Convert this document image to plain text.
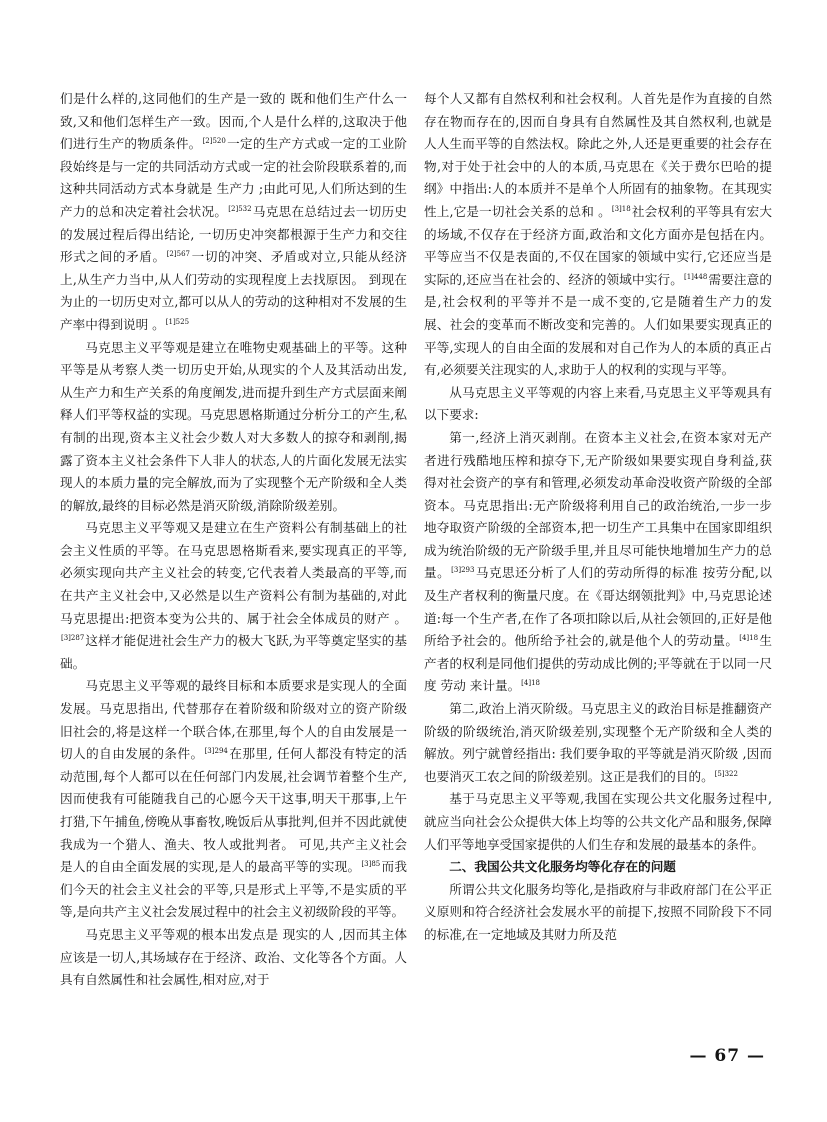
们是什么样的,这同他们的生产是一致的 既和他们生产什么一致,又和他们怎样生产一致。因而,个人是什么样的,这取决于他们进行生产的物质条件。$^{[2]520}$一定的生产方式或一定的工业阶段始终是与一定的共同活动方式或一定的社会阶段联系着的,而这种共同活动方式本身就是 生产力 ;由此可见,人们所达到的生产力的总和决定着社会状况。$^{[2]532}$马克思在总结过去一切历史的发展过程后得出结论, 一切历史冲突都根源于生产力和交往形式之间的矛盾。$^{[2]567}$一切的冲突、矛盾或对立,只能从经济上,从生产力当中,从人们劳动的实现程度上去找原因。 到现在为止的一切历史对立,都可以从人的劳动的这种相对不发展的生产率中得到说明 。$^{[1]525}$

马克思主义平等观是建立在唯物史观基础上的平等。这种平等是从考察人类一切历史开始,从现实的个人及其活动出发,从生产力和生产关系的角度阐发,进而提升到生产方式层面来阐释人们平等权益的实现。马克思恩格斯通过分析分工的产生,私有制的出现,资本主义社会少数人对大多数人的掠夺和剥削,揭露了资本主义社会条件下人非人的状态,人的片面化发展无法实现人的本质力量的完全解放,而为了实现整个无产阶级和全人类的解放,最终的目标必然是消灭阶级,消除阶级差别。

马克思主义平等观又是建立在生产资料公有制基础上的社会主义性质的平等。在马克思恩格斯看来,要实现真正的平等,必须实现向共产主义社会的转变,它代表着人类最高的平等,而在共产主义社会中,又必然是以生产资料公有制为基础的,对此马克思提出:把资本变为公共的、属于社会全体成员的财产 。$^{[3]287}$这样才能促进社会生产力的极大飞跃,为平等奠定坚实的基础。

马克思主义平等观的最终目标和本质要求是实现人的全面发展。马克思指出, 代替那存在着阶级和阶级对立的资产阶级旧社会的,将是这样一个联合体,在那里,每个人的自由发展是一切人的自由发展的条件。$^{[3]294}$在那里, 任何人都没有特定的活动范围,每个人都可以在任何部门内发展,社会调节着整个生产,因而使我有可能随我自己的心愿今天干这事,明天干那事,上午打猎,下午捕鱼,傍晚从事畜牧,晚饭后从事批判,但并不因此就使我成为一个猎人、渔夫、牧人或批判者。 可见,共产主义社会是人的自由全面发展的实现,是人的最高平等的实现。$^{[3]85}$而我们今天的社会主义社会的平等,只是形式上平等,不是实质的平等,是向共产主义社会发展过程中的社会主义初级阶段的平等。

马克思主义平等观的根本出发点是 现实的人 ,因而其主体应该是一切人,其场域存在于经济、政治、文化等各个方面。人具有自然属性和社会属性,相对应,对于

每个人又都有自然权利和社会权利。人首先是作为直接的自然存在物而存在的,因而自身具有自然属性及其自然权利,也就是人人生而平等的自然法权。除此之外,人还是更重要的社会存在物,对于处于社会中的人的本质,马克思在《关于费尔巴哈的提纲》中指出:人的本质并不是单个人所固有的抽象物。在其现实性上,它是一切社会关系的总和 。$^{[3]18}$社会权利的平等具有宏大的场域,不仅存在于经济方面,政治和文化方面亦是包括在内。平等应当不仅是表面的,不仅在国家的领域中实行,它还应当是实际的,还应当在社会的、经济的领域中实行。$^{[1]448}$需要注意的是,社会权利的平等并不是一成不变的,它是随着生产力的发展、社会的变革而不断改变和完善的。人们如果要实现真正的平等,实现人的自由全面的发展和对自己作为人的本质的真正占有,必须要关注现实的人,求助于人的权利的实现与平等。

从马克思主义平等观的内容上来看,马克思主义平等观具有以下要求:

第一,经济上消灭剥削。在资本主义社会,在资本家对无产者进行残酷地压榨和掠夺下,无产阶级如果要实现自身利益,获得对社会资产的享有和管理,必须发动革命没收资产阶级的全部资本。马克思指出:无产阶级将利用自己的政治统治,一步一步地夺取资产阶级的全部资本,把一切生产工具集中在国家即组织成为统治阶级的无产阶级手里,并且尽可能快地增加生产力的总量。$^{[3]293}$马克思还分析了人们的劳动所得的标准 按劳分配,以及生产者权利的衡量尺度。在《哥达纲领批判》中,马克思论述道:每一个生产者,在作了各项扣除以后,从社会领回的,正好是他所给予社会的。他所给予社会的,就是他个人的劳动量。$^{[4]18}$生产者的权利是同他们提供的劳动成比例的;平等就在于以同一尺度 劳动 来计量。$^{[4]18}$

第二,政治上消灭阶级。马克思主义的政治目标是推翻资产阶级的阶级统治,消灭阶级差别,实现整个无产阶级和全人类的解放。列宁就曾经指出: 我们要争取的平等就是消灭阶级 ,因而也要消灭工农之间的阶级差别。这正是我们的目的。$^{[5]322}$

基于马克思主义平等观,我国在实现公共文化服务过程中,就应当向社会公众提供大体上均等的公共文化产品和服务,保障人们平等地享受国家提供的人们生存和发展的最基本的条件。

二、我国公共文化服务均等化存在的问题

所谓公共文化服务均等化,是指政府与非政府部门在公平正义原则和符合经济社会发展水平的前提下,按照不同阶段下不同的标准,在一定地域及其财力所及范

— 67 —
